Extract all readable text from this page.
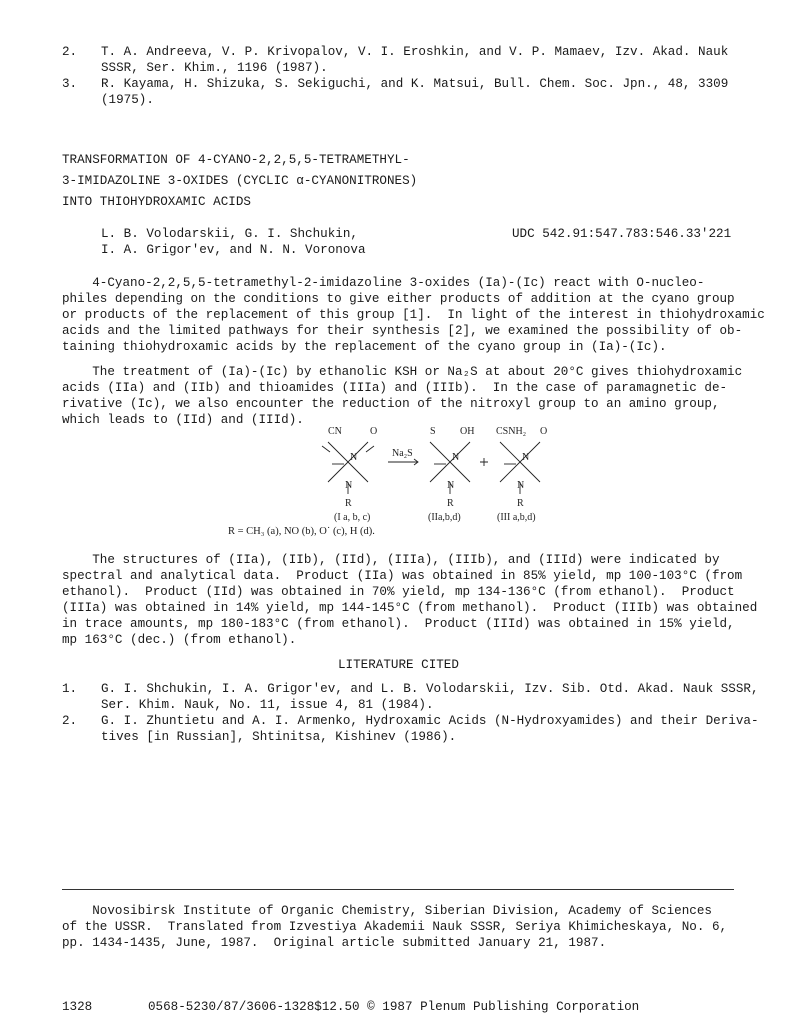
2. T. A. Andreeva, V. P. Krivopalov, V. I. Eroshkin, and V. P. Mamaev, Izv. Akad. Nauk
SSSR, Ser. Khim., 1196 (1987).
3. R. Kayama, H. Shizuka, S. Sekiguchi, and K. Matsui, Bull. Chem. Soc. Jpn., 48, 3309
(1975).
TRANSFORMATION OF 4-CYANO-2,2,5,5-TETRAMETHYL-
3-IMIDAZOLINE 3-OXIDES (CYCLIC α-CYANONITRONES)
INTO THIOHYDROXAMIC ACIDS
L. B. Volodarskii, G. I. Shchukin,
I. A. Grigor'ev, and N. N. Voronova
UDC 542.91:547.783:546.33'221
4-Cyano-2,2,5,5-tetramethyl-2-imidazoline 3-oxides (Ia)-(Ic) react with O-nucleo-
philes depending on the conditions to give either products of addition at the cyano group
or products of the replacement of this group [1].  In light of the interest in thiohydroxamic
acids and the limited pathways for their synthesis [2], we examined the possibility of ob-
taining thiohydroxamic acids by the replacement of the cyano group in (Ia)-(Ic).
The treatment of (Ia)-(Ic) by ethanolic KSH or Na₂S at about 20°C gives thiohydroxamic
acids (IIa) and (IIb) and thioamides (IIIa) and (IIIb).  In the case of paramagnetic de-
rivative (Ic), we also encounter the reduction of the nitroxyl group to an amino group,
which leads to (IId) and (IIId).
CN	O	S OH CSNH₂ O
Na₂S
N
N
N
N
N
N
R	R	R
(I a, b, c)	(IIa,b,d)	(III a,b,d)
R = CH₃ (a), NO (b), O˙ (c), H (d).
The structures of (IIa), (IIb), (IId), (IIIa), (IIIb), and (IIId) were indicated by
spectral and analytical data.  Product (IIa) was obtained in 85% yield, mp 100-103°C (from
ethanol).  Product (IId) was obtained in 70% yield, mp 134-136°C (from ethanol).  Product
(IIIa) was obtained in 14% yield, mp 144-145°C (from methanol).  Product (IIIb) was obtained
in trace amounts, mp 180-183°C (from ethanol).  Product (IIId) was obtained in 15% yield,
mp 163°C (dec.) (from ethanol).
LITERATURE CITED
1. G. I. Shchukin, I. A. Grigor'ev, and L. B. Volodarskii, Izv. Sib. Otd. Akad. Nauk SSSR,
Ser. Khim. Nauk, No. 11, issue 4, 81 (1984).
2. G. I. Zhuntietu and A. I. Armenko, Hydroxamic Acids (N-Hydroxyamides) and their Deriva-
tives [in Russian], Shtinitsa, Kishinev (1986).
Novosibirsk Institute of Organic Chemistry, Siberian Division, Academy of Sciences
of the USSR.  Translated from Izvestiya Akademii Nauk SSSR, Seriya Khimicheskaya, No. 6,
pp. 1434-1435, June, 1987.  Original article submitted January 21, 1987.
1328	0568-5230/87/3606-1328$12.50 © 1987 Plenum Publishing Corporation
